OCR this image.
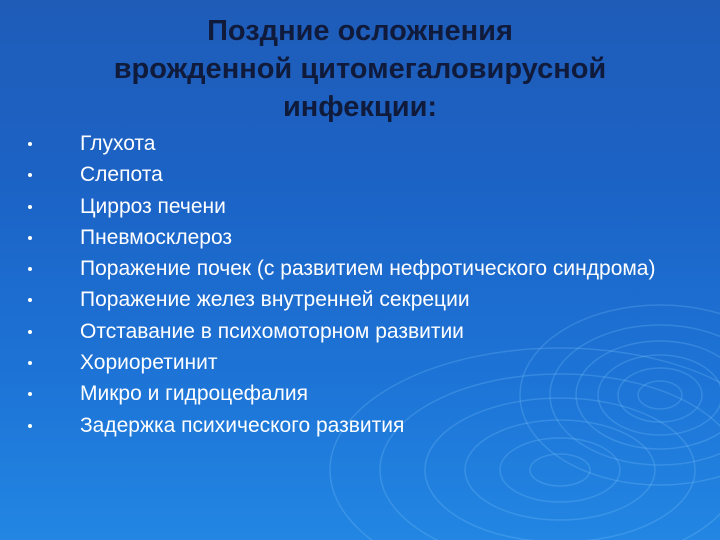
Поздние осложнения
врожденной цитомегаловирусной
инфекции:
Глухота
Слепота
Цирроз печени
Пневмосклероз
Поражение почек (с развитием нефротического синдрома)
Поражение желез внутренней секреции
Отставание в психомоторном развитии
Хориоретинит
Микро и гидроцефалия
Задержка психического развития
